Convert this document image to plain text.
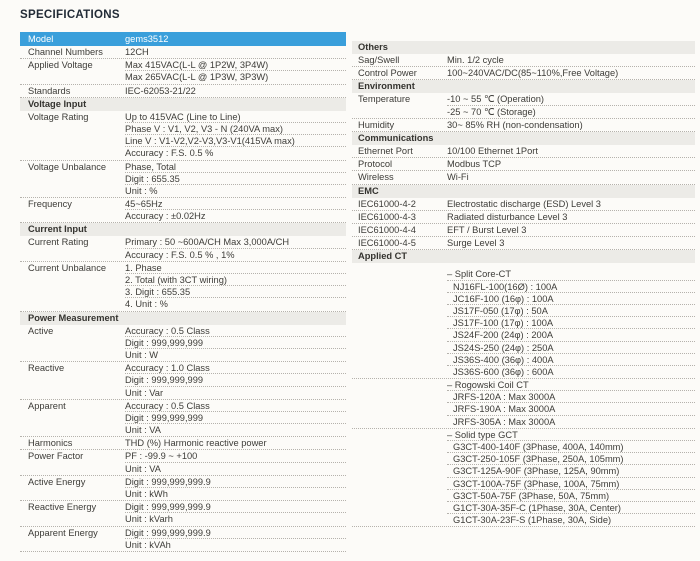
SPECIFICATIONS
Model	gems3512
Channel Numbers	12CH
Applied Voltage	Max 415VAC(L-L @ 1P2W, 3P4W)
Max 265VAC(L-L @ 1P3W, 3P3W)
Standards	IEC-62053-21/22
Voltage Input
Voltage Rating	Up to 415VAC (Line to Line)
Phase V : V1, V2, V3 - N (240VA max)
Line V : V1-V2,V2-V3,V3-V1(415VA max)
Accuracy : F.S. 0.5 %
Voltage Unbalance	Phase, Total
Digit : 655.35
Unit : %
Frequency	45~65Hz
Accuracy : ±0.02Hz
Current Input
Current Rating	Primary : 50 ~600A/CH Max 3,000A/CH
Accuracy : F.S. 0.5 % , 1%
Current Unbalance	1. Phase
2. Total (with 3CT wiring)
3. Digit : 655.35
4. Unit : %
Power Measurement
Active	Accuracy : 0.5 Class
Digit : 999,999,999
Unit : W
Reactive	Accuracy : 1.0 Class
Digit : 999,999,999
Unit : Var
Apparent	Accuracy : 0.5 Class
Digit : 999,999,999
Unit : VA
Harmonics	THD (%) Harmonic reactive power
Power Factor	PF : -99.9 ~ +100
Unit : VA
Active Energy	Digit : 999,999,999.9
Unit : kWh
Reactive Energy	Digit : 999,999,999.9
Unit : kVarh
Apparent Energy	Digit : 999,999,999.9
Unit : kVAh
Others
Sag/Swell	Min. 1/2 cycle
Control Power	100~240VAC/DC(85~110%,Free Voltage)
Environment
Temperature	-10 ~ 55 ℃ (Operation)
-25 ~ 70 ℃ (Storage)
Humidity	30~ 85% RH (non-condensation)
Communications
Ethernet Port	10/100 Ethernet 1Port
Protocol	Modbus TCP
Wireless	Wi-Fi
EMC
IEC61000-4-2	Electrostatic discharge (ESD) Level 3
IEC61000-4-3	Radiated disturbance Level 3
IEC61000-4-4	EFT / Burst Level 3
IEC61000-4-5	Surge Level 3
Applied CT
– Split Core-CT
NJ16FL-100(16Ø) : 100A
JC16F-100 (16φ) : 100A
JS17F-050 (17φ) : 50A
JS17F-100 (17φ) : 100A
JS24F-200 (24φ) : 200A
JS24S-250 (24φ) : 250A
JS36S-400 (36φ) : 400A
JS36S-600 (36φ) : 600A
– Rogowski Coil CT
JRFS-120A : Max 3000A
JRFS-190A : Max 3000A
JRFS-305A : Max 3000A
– Solid type GCT
G3CT-400-140F (3Phase, 400A, 140mm)
G3CT-250-105F (3Phase, 250A, 105mm)
G3CT-125A-90F (3Phase, 125A, 90mm)
G3CT-100A-75F (3Phase, 100A, 75mm)
G3CT-50A-75F (3Phase, 50A, 75mm)
G1CT-30A-35F-C (1Phase, 30A, Center)
G1CT-30A-23F-S (1Phase, 30A, Side)
